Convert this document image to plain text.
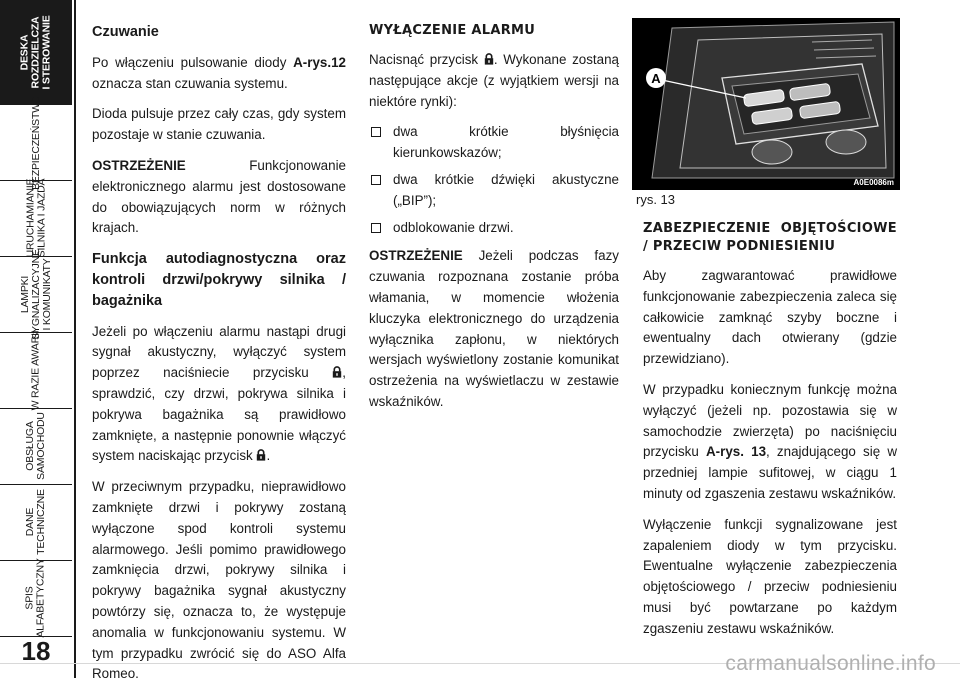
DESKA ROZDZIELCZA I STEROWANIE
BEZPIECZEŃSTWO
URUCHAMIANIE SILNIKA I JAZDA
LAMPKI SYGNALIZACYJNE I KOMUNIKATY
W RAZIE AWARII
OBSŁUGA SAMOCHODU
DANE TECHNICZNE
SPIS ALFABETYCZNY
18

Czuwanie

Po włączeniu pulsowanie diody A-rys.12 oznacza stan czuwania systemu.

Dioda pulsuje przez cały czas, gdy system pozostaje w stanie czuwania.

OSTRZEŻENIE Funkcjonowanie elektronicznego alarmu jest dostosowane do obowiązujących norm w różnych krajach.

Funkcja autodiagnostyczna oraz kontroli drzwi/pokrywy silnika / bagażnika

Jeżeli po włączeniu alarmu nastąpi drugi sygnał akustyczny, wyłączyć system poprzez naciśniecie przycisku , sprawdzić, czy drzwi, pokrywa silnika i pokrywa bagażnika są prawidłowo zamknięte, a następnie ponownie włączyć system naciskając przycisk .

W przeciwnym przypadku, nieprawidłowo zamknięte drzwi i pokrywy zostaną wyłączone spod kontroli systemu alarmowego. Jeśli pomimo prawidłowego zamknięcia drzwi, pokrywy silnika i pokrywy bagażnika sygnał akustyczny powtórzy się, oznacza to, że występuje anomalia w funkcjonowaniu systemu. W tym przypadku zwrócić się do ASO Alfa Romeo.

WYŁĄCZENIE ALARMU

Nacisnąć przycisk . Wykonane zostaną następujące akcje (z wyjątkiem wersji na niektóre rynki):

dwa krótkie błyśnięcia kierunkowskazów;
dwa krótkie dźwięki akustyczne („BIP”);
odblokowanie drzwi.

OSTRZEŻENIE Jeżeli podczas fazy czuwania rozpoznana zostanie próba włamania, w momencie włożenia kluczyka elektronicznego do urządzenia wyłącznika zapłonu, w niektórych wersjach wyświetlony zostanie komunikat ostrzeżenia na wyświetlaczu w zestawie wskaźników.

A
A0E0086m
rys. 13

ZABEZPIECZENIE OBJĘTOŚCIOWE / PRZECIW PODNIESIENIU

Aby zagwarantować prawidłowe funkcjonowanie zabezpieczenia zaleca się całkowicie zamknąć szyby boczne i ewentualny dach otwierany (gdzie przewidziano).

W przypadku koniecznym funkcję można wyłączyć (jeżeli np. pozostawia się w samochodzie zwierzęta) po naciśnięciu przycisku A-rys. 13, znajdującego się w przedniej lampie sufitowej, w ciągu 1 minuty od zgaszenia zestawu wskaźników.

Wyłączenie funkcji sygnalizowane jest zapaleniem diody w tym przycisku. Ewentualne wyłączenie zabezpieczenia objętościowego / przeciw podniesieniu musi być powtarzane po każdym zgaszeniu zestawu wskaźników.

carmanualsonline.info
